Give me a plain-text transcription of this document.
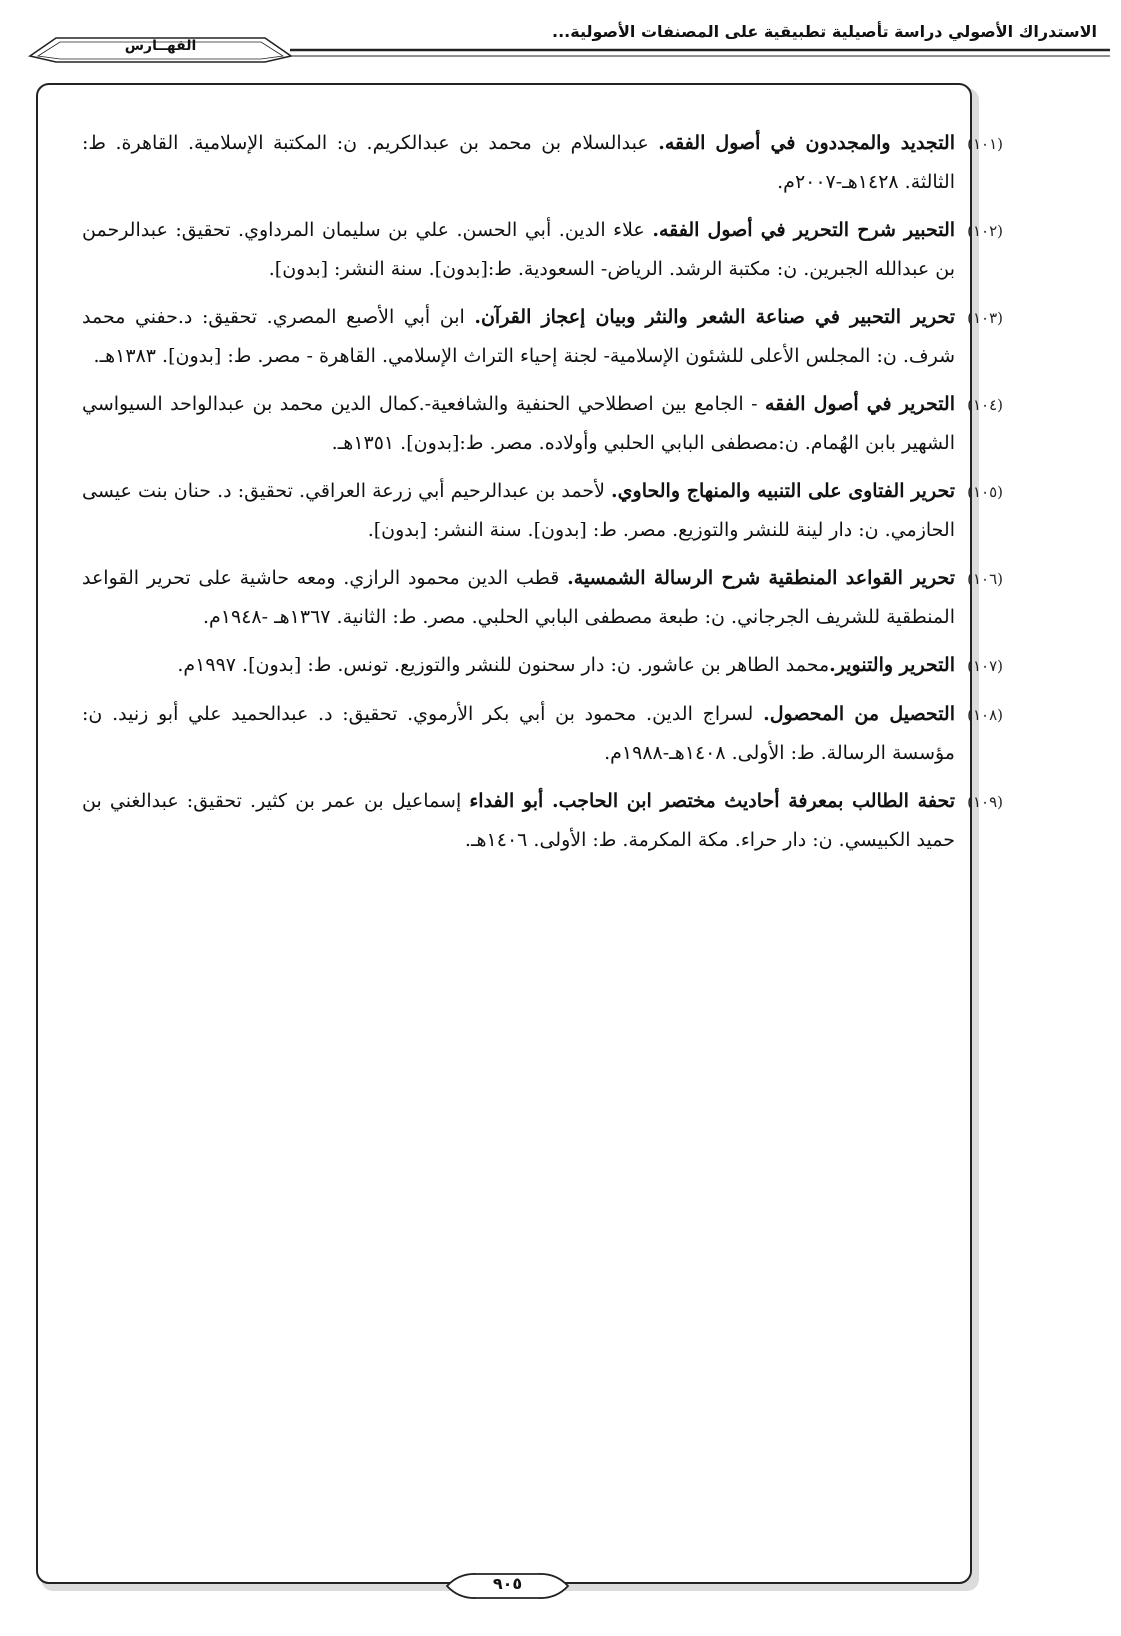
الفهــارس
الاستدراك الأصولي دراسة تأصيلية تطبيقية على المصنفات الأصولية...

(١٠١)التجديد والمجددون في أصول الفقه. عبدالسلام بن محمد بن عبدالكريم. ن: المكتبة الإسلامية. القاهرة. ط: الثالثة. ١٤٢٨هـ-٢٠٠٧م.

(١٠٢)التحبير شرح التحرير في أصول الفقه. علاء الدين. أبي الحسن. علي بن سليمان المرداوي. تحقيق: عبدالرحمن بن عبدالله الجبرين. ن: مكتبة الرشد. الرياض- السعودية. ط:[بدون]. سنة النشر: [بدون].

(١٠٣)تحرير التحبير في صناعة الشعر والنثر وبيان إعجاز القرآن. ابن أبي الأصبع المصري. تحقيق: د.حفني محمد شرف. ن: المجلس الأعلى للشئون الإسلامية- لجنة إحياء التراث الإسلامي. القاهرة - مصر. ط: [بدون]. ١٣٨٣هـ.

(١٠٤)التحرير في أصول الفقه - الجامع بين اصطلاحي الحنفية والشافعية-.كمال الدين محمد بن عبدالواحد السيواسي الشهير بابن الهُمام. ن:مصطفى البابي الحلبي وأولاده. مصر. ط:[بدون]. ١٣٥١هـ.

(١٠٥)تحرير الفتاوى على التنبيه والمنهاج والحاوي. لأحمد بن عبدالرحيم أبي زرعة العراقي. تحقيق: د. حنان بنت عيسى الحازمي. ن: دار لينة للنشر والتوزيع. مصر. ط: [بدون]. سنة النشر: [بدون].

(١٠٦)تحرير القواعد المنطقية شرح الرسالة الشمسية. قطب الدين محمود الرازي. ومعه حاشية على تحرير القواعد المنطقية للشريف الجرجاني. ن: طبعة مصطفى البابي الحلبي. مصر. ط: الثانية. ١٣٦٧هـ -١٩٤٨م.

(١٠٧)التحرير والتنوير.محمد الطاهر بن عاشور. ن: دار سحنون للنشر والتوزيع. تونس. ط: [بدون]. ١٩٩٧م.

(١٠٨)التحصيل من المحصول. لسراج الدين. محمود بن أبي بكر الأرموي. تحقيق: د. عبدالحميد علي أبو زنيد. ن: مؤسسة الرسالة. ط: الأولى. ١٤٠٨هـ-١٩٨٨م.

(١٠٩)تحفة الطالب بمعرفة أحاديث مختصر ابن الحاجب. أبو الفداء إسماعيل بن عمر بن كثير. تحقيق: عبدالغني بن حميد الكبيسي. ن: دار حراء. مكة المكرمة. ط: الأولى. ١٤٠٦هـ.

٩٠٥
